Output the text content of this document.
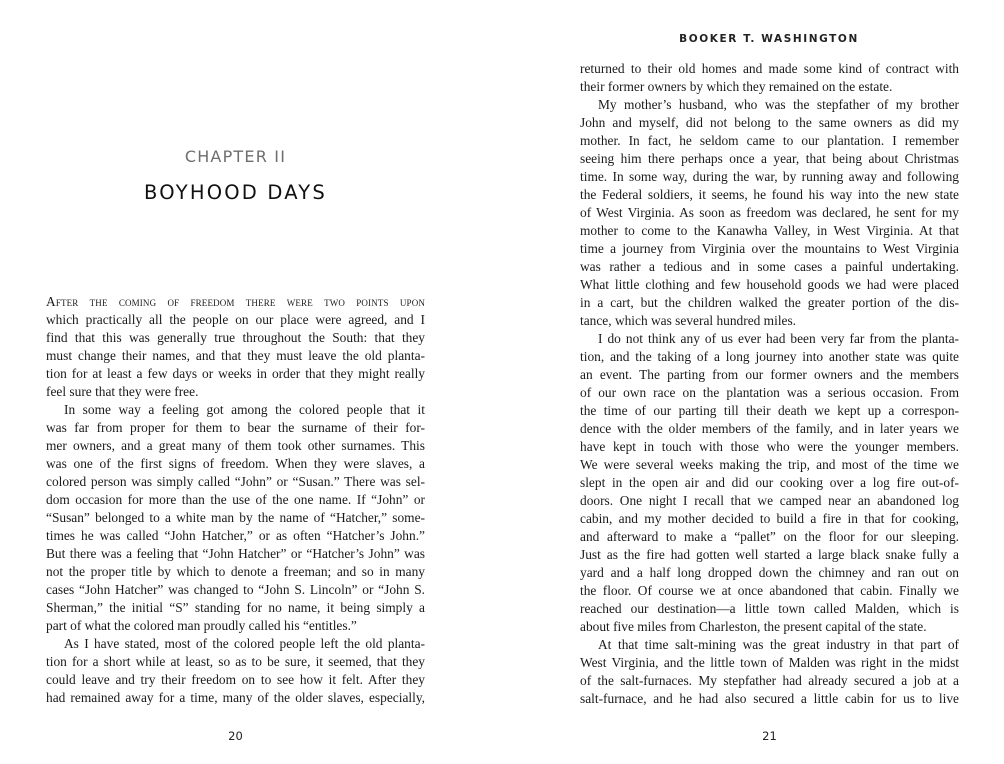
CHAPTER II
BOYHOOD DAYS
After the coming of freedom there were two points upon
which practically all the people on our place were agreed, and I
find that this was generally true throughout the South: that they
must change their names, and that they must leave the old planta-
tion for at least a few days or weeks in order that they might really
feel sure that they were free.
In some way a feeling got among the colored people that it
was far from proper for them to bear the surname of their for-
mer owners, and a great many of them took other surnames. This
was one of the first signs of freedom. When they were slaves, a
colored person was simply called “John” or “Susan.” There was sel-
dom occasion for more than the use of the one name. If “John” or
“Susan” belonged to a white man by the name of “Hatcher,” some-
times he was called “John Hatcher,” or as often “Hatcher’s John.”
But there was a feeling that “John Hatcher” or “Hatcher’s John” was
not the proper title by which to denote a freeman; and so in many
cases “John Hatcher” was changed to “John S. Lincoln” or “John S.
Sherman,” the initial “S” standing for no name, it being simply a
part of what the colored man proudly called his “entitles.”
As I have stated, most of the colored people left the old planta-
tion for a short while at least, so as to be sure, it seemed, that they
could leave and try their freedom on to see how it felt. After they
had remained away for a time, many of the older slaves, especially,
20
BOOKER T. WASHINGTON
returned to their old homes and made some kind of contract with
their former owners by which they remained on the estate.
My mother’s husband, who was the stepfather of my brother
John and myself, did not belong to the same owners as did my
mother. In fact, he seldom came to our plantation. I remember
seeing him there perhaps once a year, that being about Christmas
time. In some way, during the war, by running away and following
the Federal soldiers, it seems, he found his way into the new state
of West Virginia. As soon as freedom was declared, he sent for my
mother to come to the Kanawha Valley, in West Virginia. At that
time a journey from Virginia over the mountains to West Virginia
was rather a tedious and in some cases a painful undertaking.
What little clothing and few household goods we had were placed
in a cart, but the children walked the greater portion of the dis-
tance, which was several hundred miles.
I do not think any of us ever had been very far from the planta-
tion, and the taking of a long journey into another state was quite
an event. The parting from our former owners and the members
of our own race on the plantation was a serious occasion. From
the time of our parting till their death we kept up a correspon-
dence with the older members of the family, and in later years we
have kept in touch with those who were the younger members.
We were several weeks making the trip, and most of the time we
slept in the open air and did our cooking over a log fire out-of-
doors. One night I recall that we camped near an abandoned log
cabin, and my mother decided to build a fire in that for cooking,
and afterward to make a “pallet” on the floor for our sleeping.
Just as the fire had gotten well started a large black snake fully a
yard and a half long dropped down the chimney and ran out on
the floor. Of course we at once abandoned that cabin. Finally we
reached our destination—a little town called Malden, which is
about five miles from Charleston, the present capital of the state.
At that time salt-mining was the great industry in that part of
West Virginia, and the little town of Malden was right in the midst
of the salt-furnaces. My stepfather had already secured a job at a
salt-furnace, and he had also secured a little cabin for us to live
21
